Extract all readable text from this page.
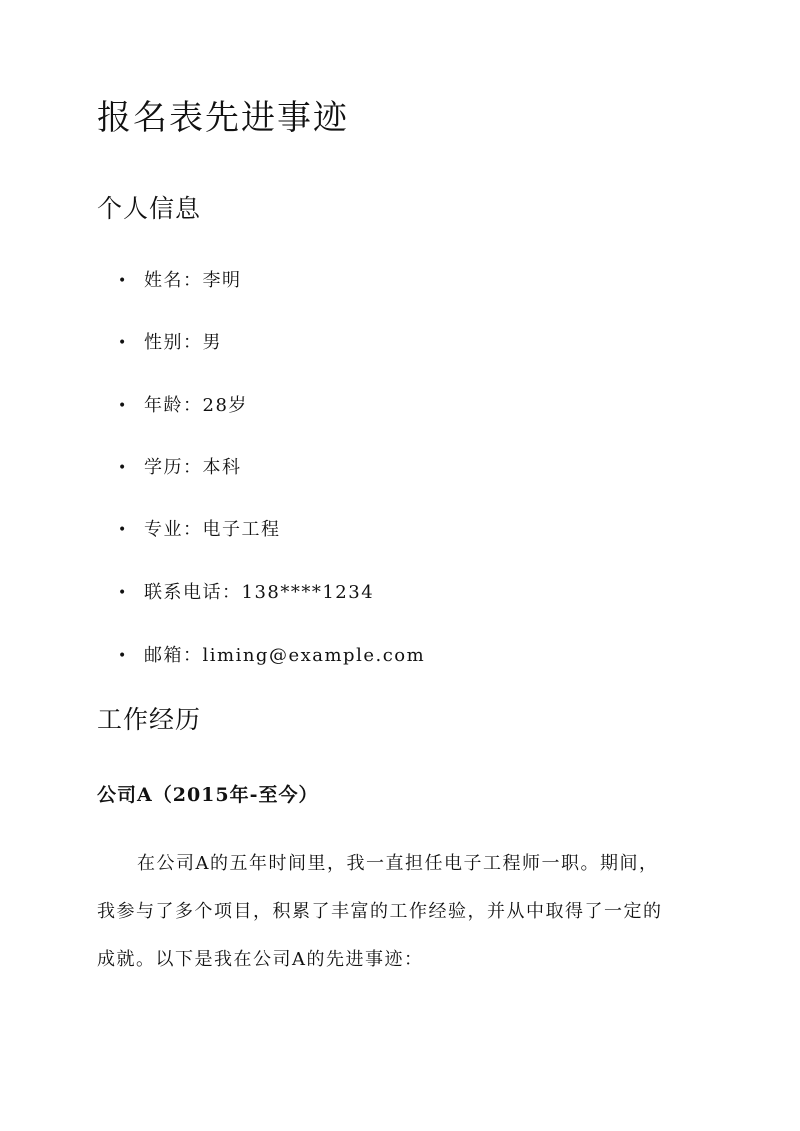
报名表先进事迹
个人信息
• 姓名：李明
• 性别：男
• 年龄：28岁
• 学历：本科
• 专业：电子工程
• 联系电话：138****1234
• 邮箱：liming@example.com
工作经历
公司A（2015年-至今）

在公司A的五年时间里，我一直担任电子工程师一职。期间，
我参与了多个项目，积累了丰富的工作经验，并从中取得了一定的
成就。以下是我在公司A的先进事迹：
